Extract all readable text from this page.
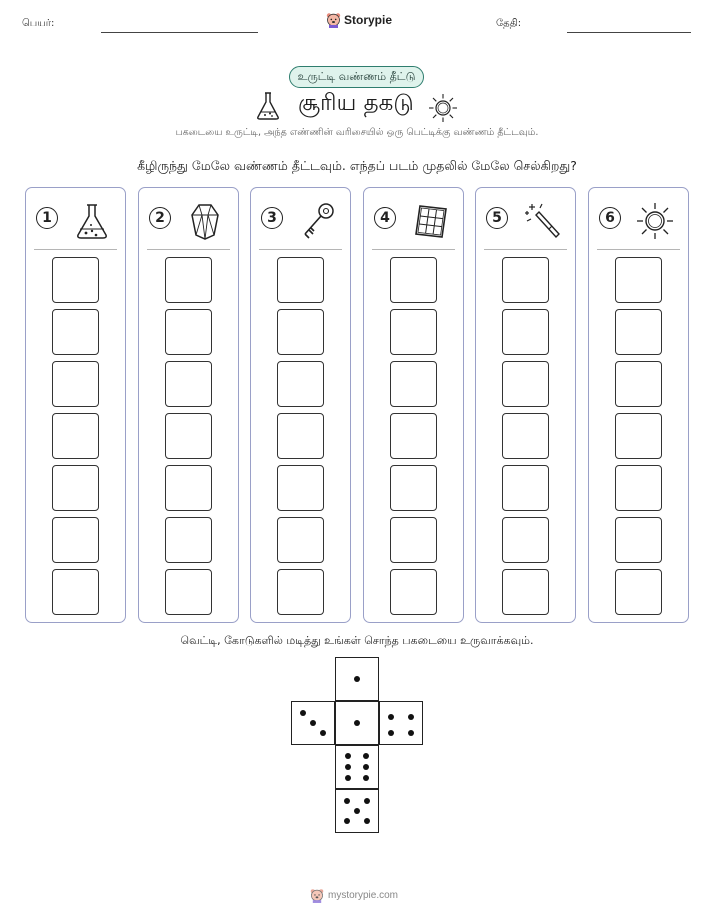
பெயர்:	Storypie	தேதி:
உருட்டி வண்ணம் தீட்டு
சூரிய தகடு
பகடையை உருட்டி, அந்த எண்ணின் வரிசையில் ஒரு பெட்டிக்கு வண்ணம் தீட்டவும்.
கீழிருந்து மேலே வண்ணம் தீட்டவும். எந்தப் படம் முதலில் மேலே செல்கிறது?
1	2	3	4	5	6
வெட்டி, கோடுகளில் மடித்து உங்கள் சொந்த பகடையை உருவாக்கவும்.
mystorypie.com
